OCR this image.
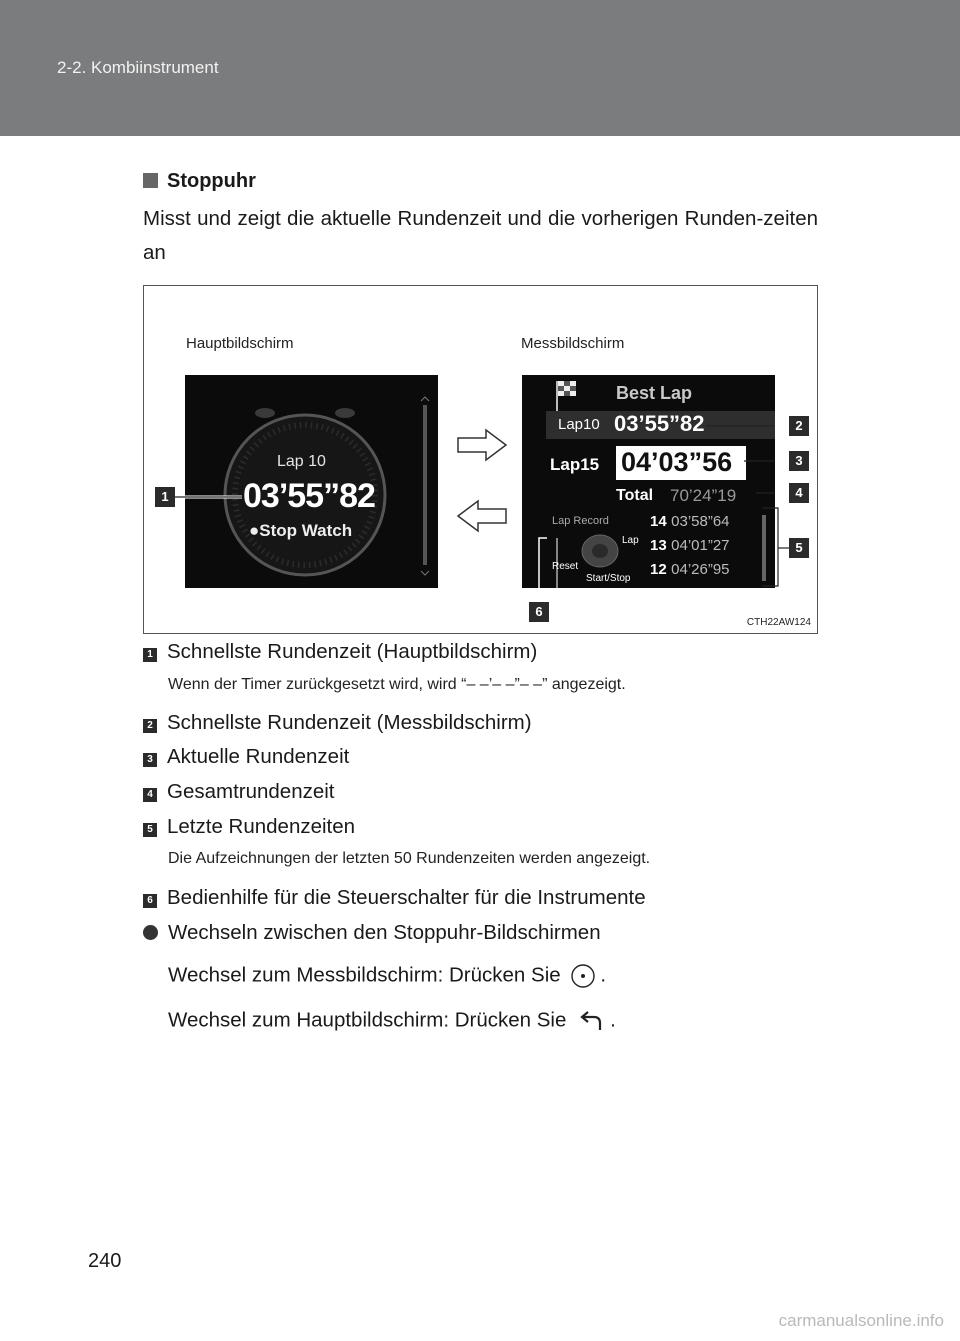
2-2. Kombiinstrument
Stoppuhr
Misst und zeigt die aktuelle Rundenzeit und die vorherigen Runden-zeiten an
Hauptbildschirm	Messbildschirm
Lap 10
03’55”82
●Stop Watch
Best Lap
Lap10 03’55”82
Lap15 04’03”56
Total 70’24”19
Lap Record
Lap
Reset
Start/Stop
14 03’58”64
13 04’01”27
12 04’26”95
1
2
3
4
5
6
CTH22AW124
1 Schnellste Rundenzeit (Hauptbildschirm)
Wenn der Timer zurückgesetzt wird, wird “– –’– –”– –” angezeigt.
2 Schnellste Rundenzeit (Messbildschirm)
3 Aktuelle Rundenzeit
4 Gesamtrundenzeit
5 Letzte Rundenzeiten
Die Aufzeichnungen der letzten 50 Rundenzeiten werden angezeigt.
6 Bedienhilfe für die Steuerschalter für die Instrumente
Wechseln zwischen den Stoppuhr-Bildschirmen
Wechsel zum Messbildschirm: Drücken Sie .
Wechsel zum Hauptbildschirm: Drücken Sie .
240
carmanualsonline.info
